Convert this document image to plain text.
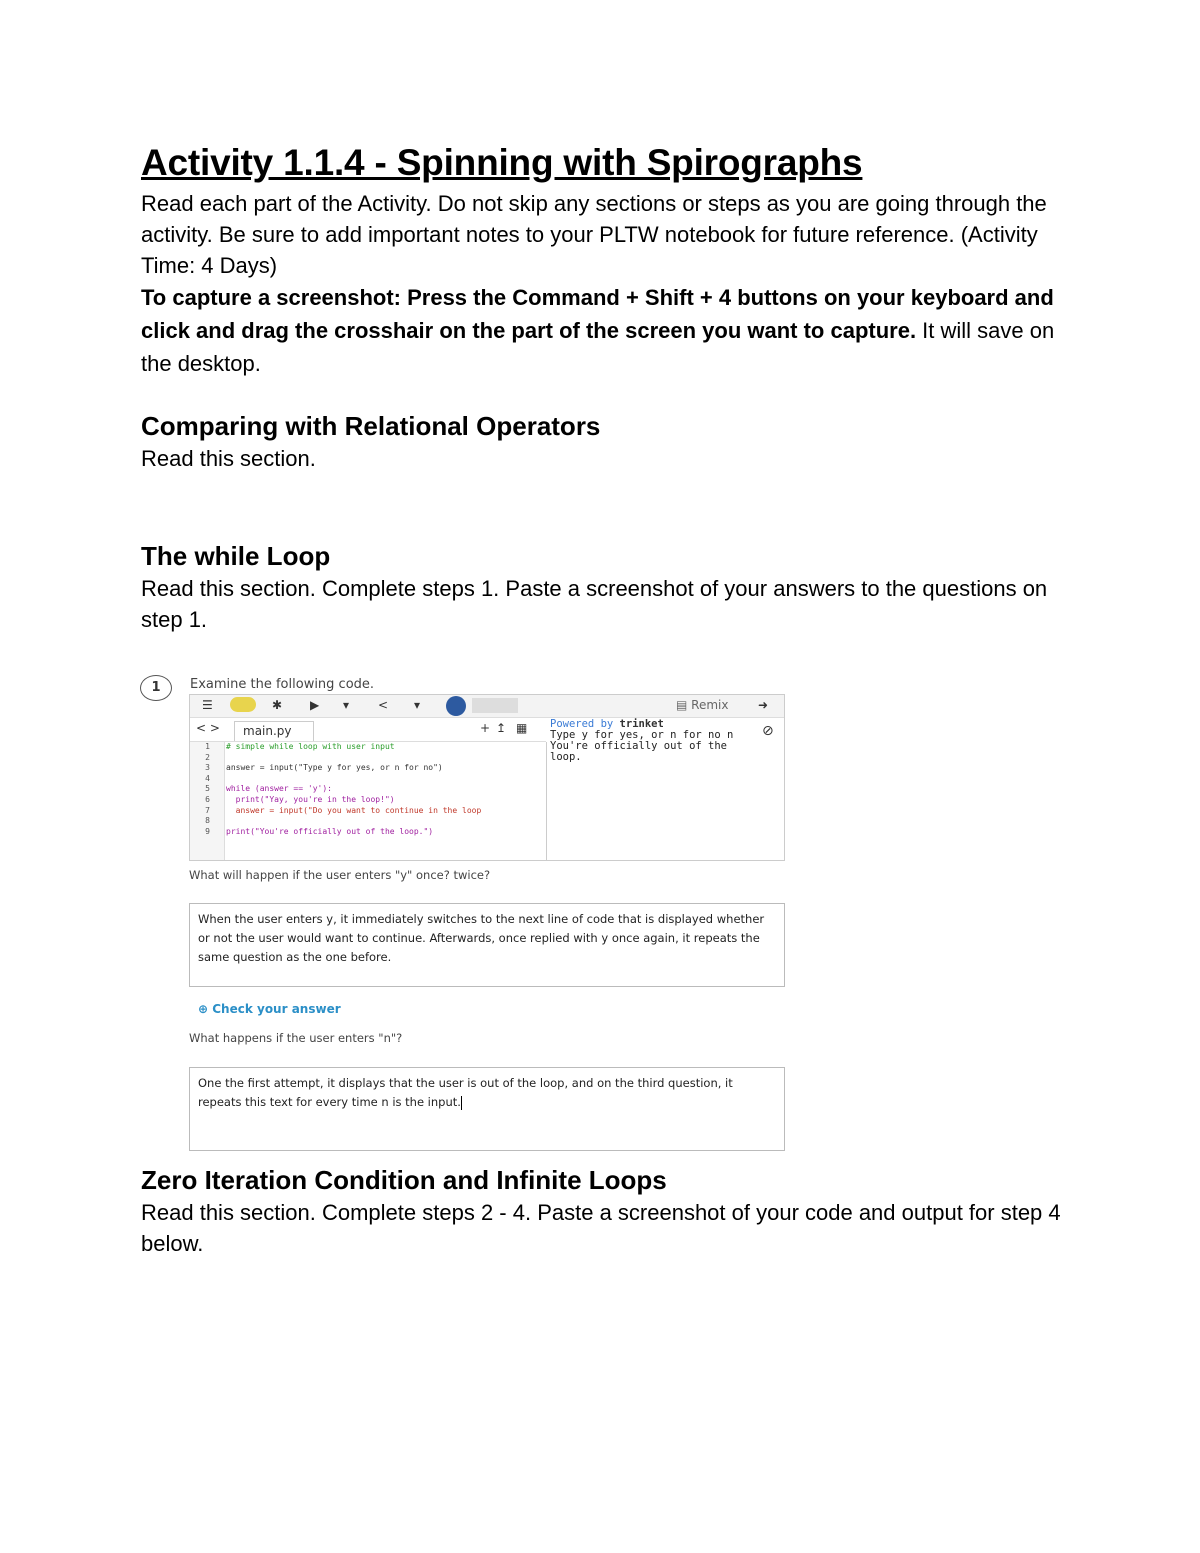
Activity 1.1.4 - Spinning with Spirographs

Read each part of the Activity. Do not skip any sections or steps as you are going through the activity. Be sure to add important notes to your PLTW notebook for future reference. (Activity Time: 4 Days)

To capture a screenshot: Press the Command + Shift + 4 buttons on your keyboard and click and drag the crosshair on the part of the screen you want to capture. It will save on the desktop.

Comparing with Relational Operators

Read this section.

The while Loop

Read this section. Complete steps 1. Paste a screenshot of your answers to the questions on step 1.

1	Examine the following code.
☰	✱ ▶ ▾ < ▾	▤ Remix ➜
< >	main.py	+ ↥ ▦
1 # simple while loop with user input
2
3 answer = input("Type y for yes, or n for no")
4
5 while (answer == 'y'):
6  print("Yay, you're in the loop!")
7  answer = input("Do you want to continue in the loop
8
9 print("You're officially out of the loop.")
Powered by trinket
Type y for yes, or n for no n
You're officially out of the
loop.
⊘
What will happen if the user enters "y" once? twice?
When the user enters y, it immediately switches to the next line of code that is displayed whether or not the user would want to continue. Afterwards, once replied with y once again, it repeats the same question as the one before.
⊕ Check your answer
What happens if the user enters "n"?
One the first attempt, it displays that the user is out of the loop, and on the third question, it repeats this text for every time n is the input.
Zero Iteration Condition and Infinite Loops

Read this section. Complete steps 2 - 4. Paste a screenshot of your code and output for step 4 below.
